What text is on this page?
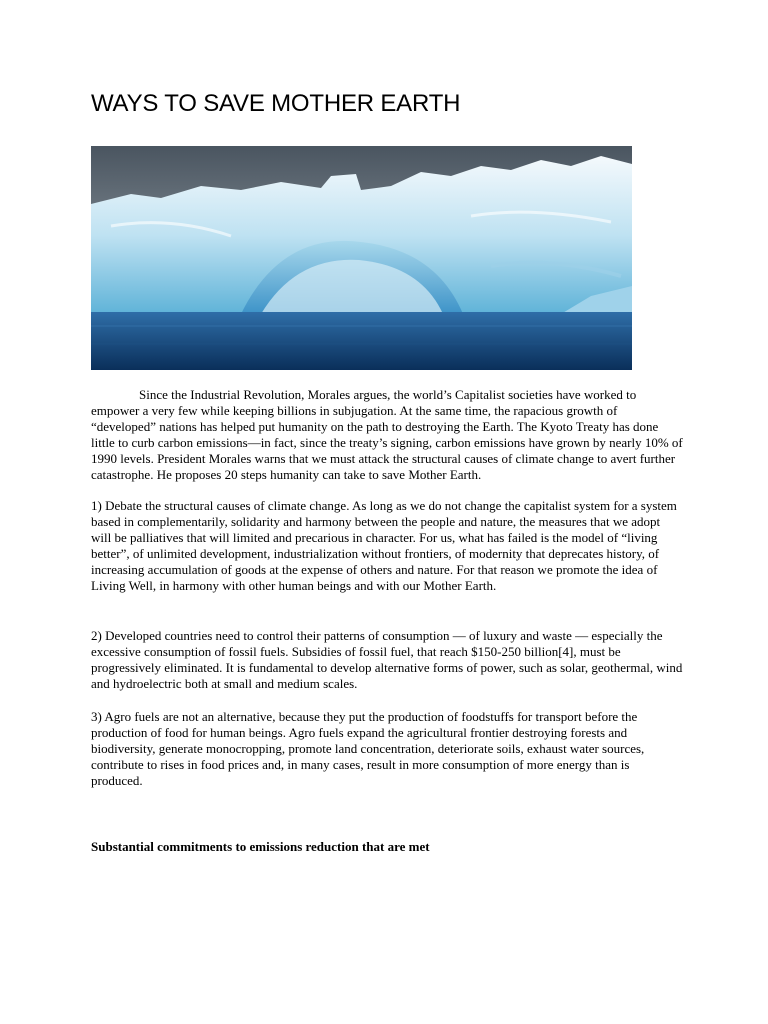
WAYS TO SAVE MOTHER EARTH

Since the Industrial Revolution, Morales argues, the world’s Capitalist societies have worked to empower a very few while keeping billions in subjugation. At the same time, the rapacious growth of “developed” nations has helped put humanity on the path to destroying the Earth. The Kyoto Treaty has done little to curb carbon emissions—in fact, since the treaty’s signing, carbon emissions have grown by nearly 10% of 1990 levels. President Morales warns that we must attack the structural causes of climate change to avert further catastrophe. He proposes 20 steps humanity can take to save Mother Earth.

1) Debate the structural causes of climate change. As long as we do not change the capitalist system for a system based in complementarily, solidarity and harmony between the people and nature, the measures that we adopt will be palliatives that will limited and precarious in character. For us, what has failed is the model of “living better”, of unlimited development, industrialization without frontiers, of modernity that deprecates history, of increasing accumulation of goods at the expense of others and nature. For that reason we promote the idea of Living Well, in harmony with other human beings and with our Mother Earth.

2) Developed countries need to control their patterns of consumption — of luxury and waste — especially the excessive consumption of fossil fuels. Subsidies of fossil fuel, that reach $150-250 billion[4], must be progressively eliminated. It is fundamental to develop alternative forms of power, such as solar, geothermal, wind and hydroelectric both at small and medium scales.

3) Agro fuels are not an alternative, because they put the production of foodstuffs for transport before the production of food for human beings. Agro fuels expand the agricultural frontier destroying forests and biodiversity, generate monocropping, promote land concentration, deteriorate soils, exhaust water sources, contribute to rises in food prices and, in many cases, result in more consumption of more energy than is produced.

Substantial commitments to emissions reduction that are met
